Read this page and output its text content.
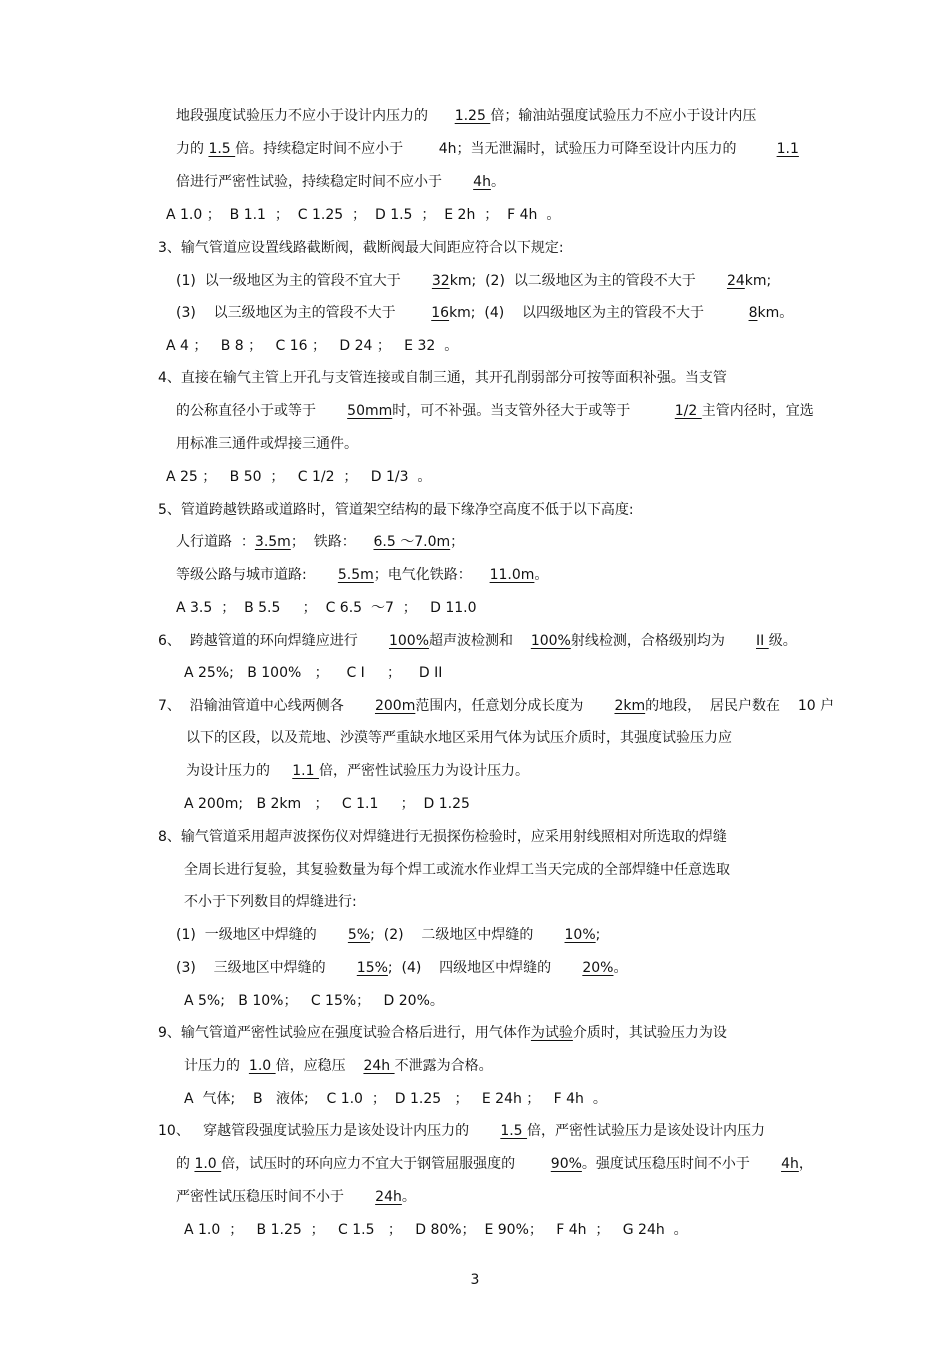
3
地段强度试验压力不应小于设计内压力的      1.25 倍；输油站强度试验压力不应小于设计内压
力的 1.5 倍。持续稳定时间不应小于        4h；当无泄漏时，试验压力可降至设计内压力的         1.1
倍进行严密性试验，持续稳定时间不应小于       4h。
A 1.0 ；  B 1.1  ；  C 1.25  ；  D 1.5  ；  E 2h  ；  F 4h  。
3、输气管道应设置线路截断阀，截断阀最大间距应符合以下规定:
(1)  以一级地区为主的管段不宜大于       32km;  (2)  以二级地区为主的管段不大于       24km;
(3)    以三级地区为主的管段不大于        16km;  (4)    以四级地区为主的管段不大于          8km。
A 4 ；   B 8 ；   C 16 ；   D 24 ；   E 32  。
4、直接在输气主管上开孔与支管连接或自制三通，其开孔削弱部分可按等面积补强。当支管
的公称直径小于或等于       50mm时，可不补强。当支管外径大于或等于          1/2 主管内径时，宜选
用标准三通件或焊接三通件。
A 25 ；   B 50  ；   C 1/2  ；   D 1/3  。
5、管道跨越铁路或道路时，管道架空结构的最下缘净空高度不低于以下高度:
人行道路  ：3.5m；  铁路：    6.5 ～7.0m；
等级公路与城市道路:       5.5m；电气化铁路：    11.0m。
A 3.5  ；  B 5.5     ；  C 6.5  ～7  ；   D 11.0
6、  跨越管道的环向焊缝应进行       100%超声波检测和    100%射线检测，合格级别均为       II 级。
A 25%;   B 100%   ；    C I     ；    D II
7、  沿输油管道中心线两侧各       200m范围内，任意划分成长度为       2km的地段，  居民户数在    10 户
以下的区段，以及荒地、沙漠等严重缺水地区采用气体为试压介质时，其强度试验压力应
为设计压力的     1.1 倍，严密性试验压力为设计压力。
A 200m;   B 2km   ；   C 1.1     ；  D 1.25
8、输气管道采用超声波探伤仪对焊缝进行无损探伤检验时，应采用射线照相对所选取的焊缝
全周长进行复验，其复验数量为每个焊工或流水作业焊工当天完成的全部焊缝中任意选取
不小于下列数目的焊缝进行:
(1)  一级地区中焊缝的       5%;  (2)    二级地区中焊缝的       10%;
(3)    三级地区中焊缝的       15%;  (4)    四级地区中焊缝的       20%。
A 5%;   B 10%；   C 15%；   D 20%。
9、输气管道严密性试验应在强度试验合格后进行，用气体作为试验介质时，其试验压力为设
计压力的  1.0 倍，应稳压    24h 不泄露为合格。
A  气体;    B   液体;    C 1.0  ；  D 1.25   ；   E 24h ；   F 4h  。
10、   穿越管段强度试验压力是该处设计内压力的       1.5 倍，严密性试验压力是该处设计内压力
的 1.0 倍，试压时的环向应力不宜大于钢管屈服强度的        90%。强度试压稳压时间不小于       4h，
严密性试压稳压时间不小于       24h。
A 1.0  ；   B 1.25  ；   C 1.5   ；   D 80%；  E 90%；   F 4h  ；   G 24h  。
